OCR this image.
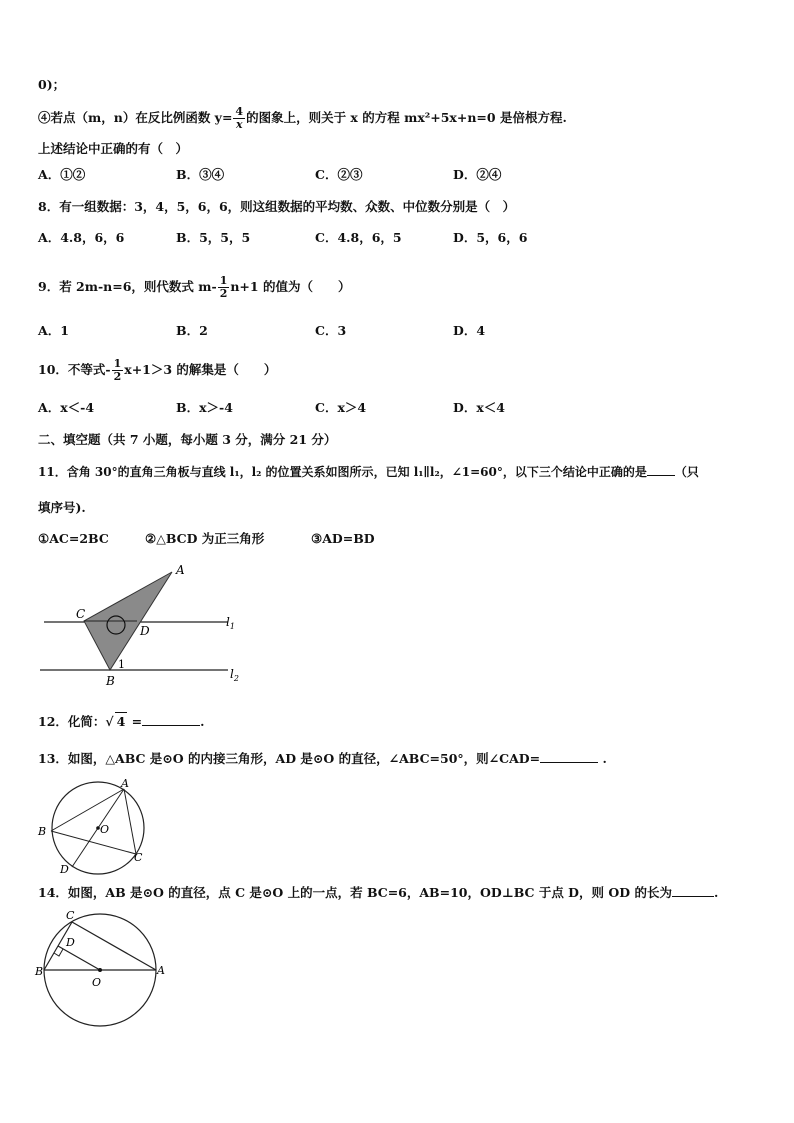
0)；
④若点（m，n）在反比例函数 $y= \frac{4}{x}$ 的图象上，则关于 x 的方程 mx²+5x+n=0 是倍根方程.
上述结论中正确的有（　）
A．①②	B．③④	C．②③	D．②④
8．有一组数据：3，4，5，6，6，则这组数据的平均数、众数、中位数分别是（　）
A．4.8，6，6	B．5，5，5	C．4.8，6，5	D．5，6，6
9．若 2m-n=6，则代数式 $m- \frac{1}{2} n+1$ 的值为（　　）
A．1	B．2	C．3	D．4
10．不等式- $\frac{1}{2} x+1>3$ 的解集是（　　）
A．x＜-4	B．x＞-4	C．x＞4	D．x＜4
二、填空题（共 7 小题，每小题 3 分，满分 21 分）
11．含角 30°的直角三角板与直线 l₁，l₂ 的位置关系如图所示，已知 l₁∥l₂，∠1=60°，以下三个结论中正确的是 （只
填序号).
①AC=2BC	②△BCD 为正三角形	③AD=BD
A
C
D
1
B
$l_1$
$l_2$
12．化简：√ 4 =	.
13．如图，△ABC 是⊙O 的内接三角形，AD 是⊙O 的直径，∠ABC=50°，则∠CAD=	.
A
B
C
D
O
14．如图，AB 是⊙O 的直径，点 C 是⊙O 上的一点，若 BC=6，AB=10，OD⊥BC 于点 D，则 OD 的长为	.
C
D
B	A
O
